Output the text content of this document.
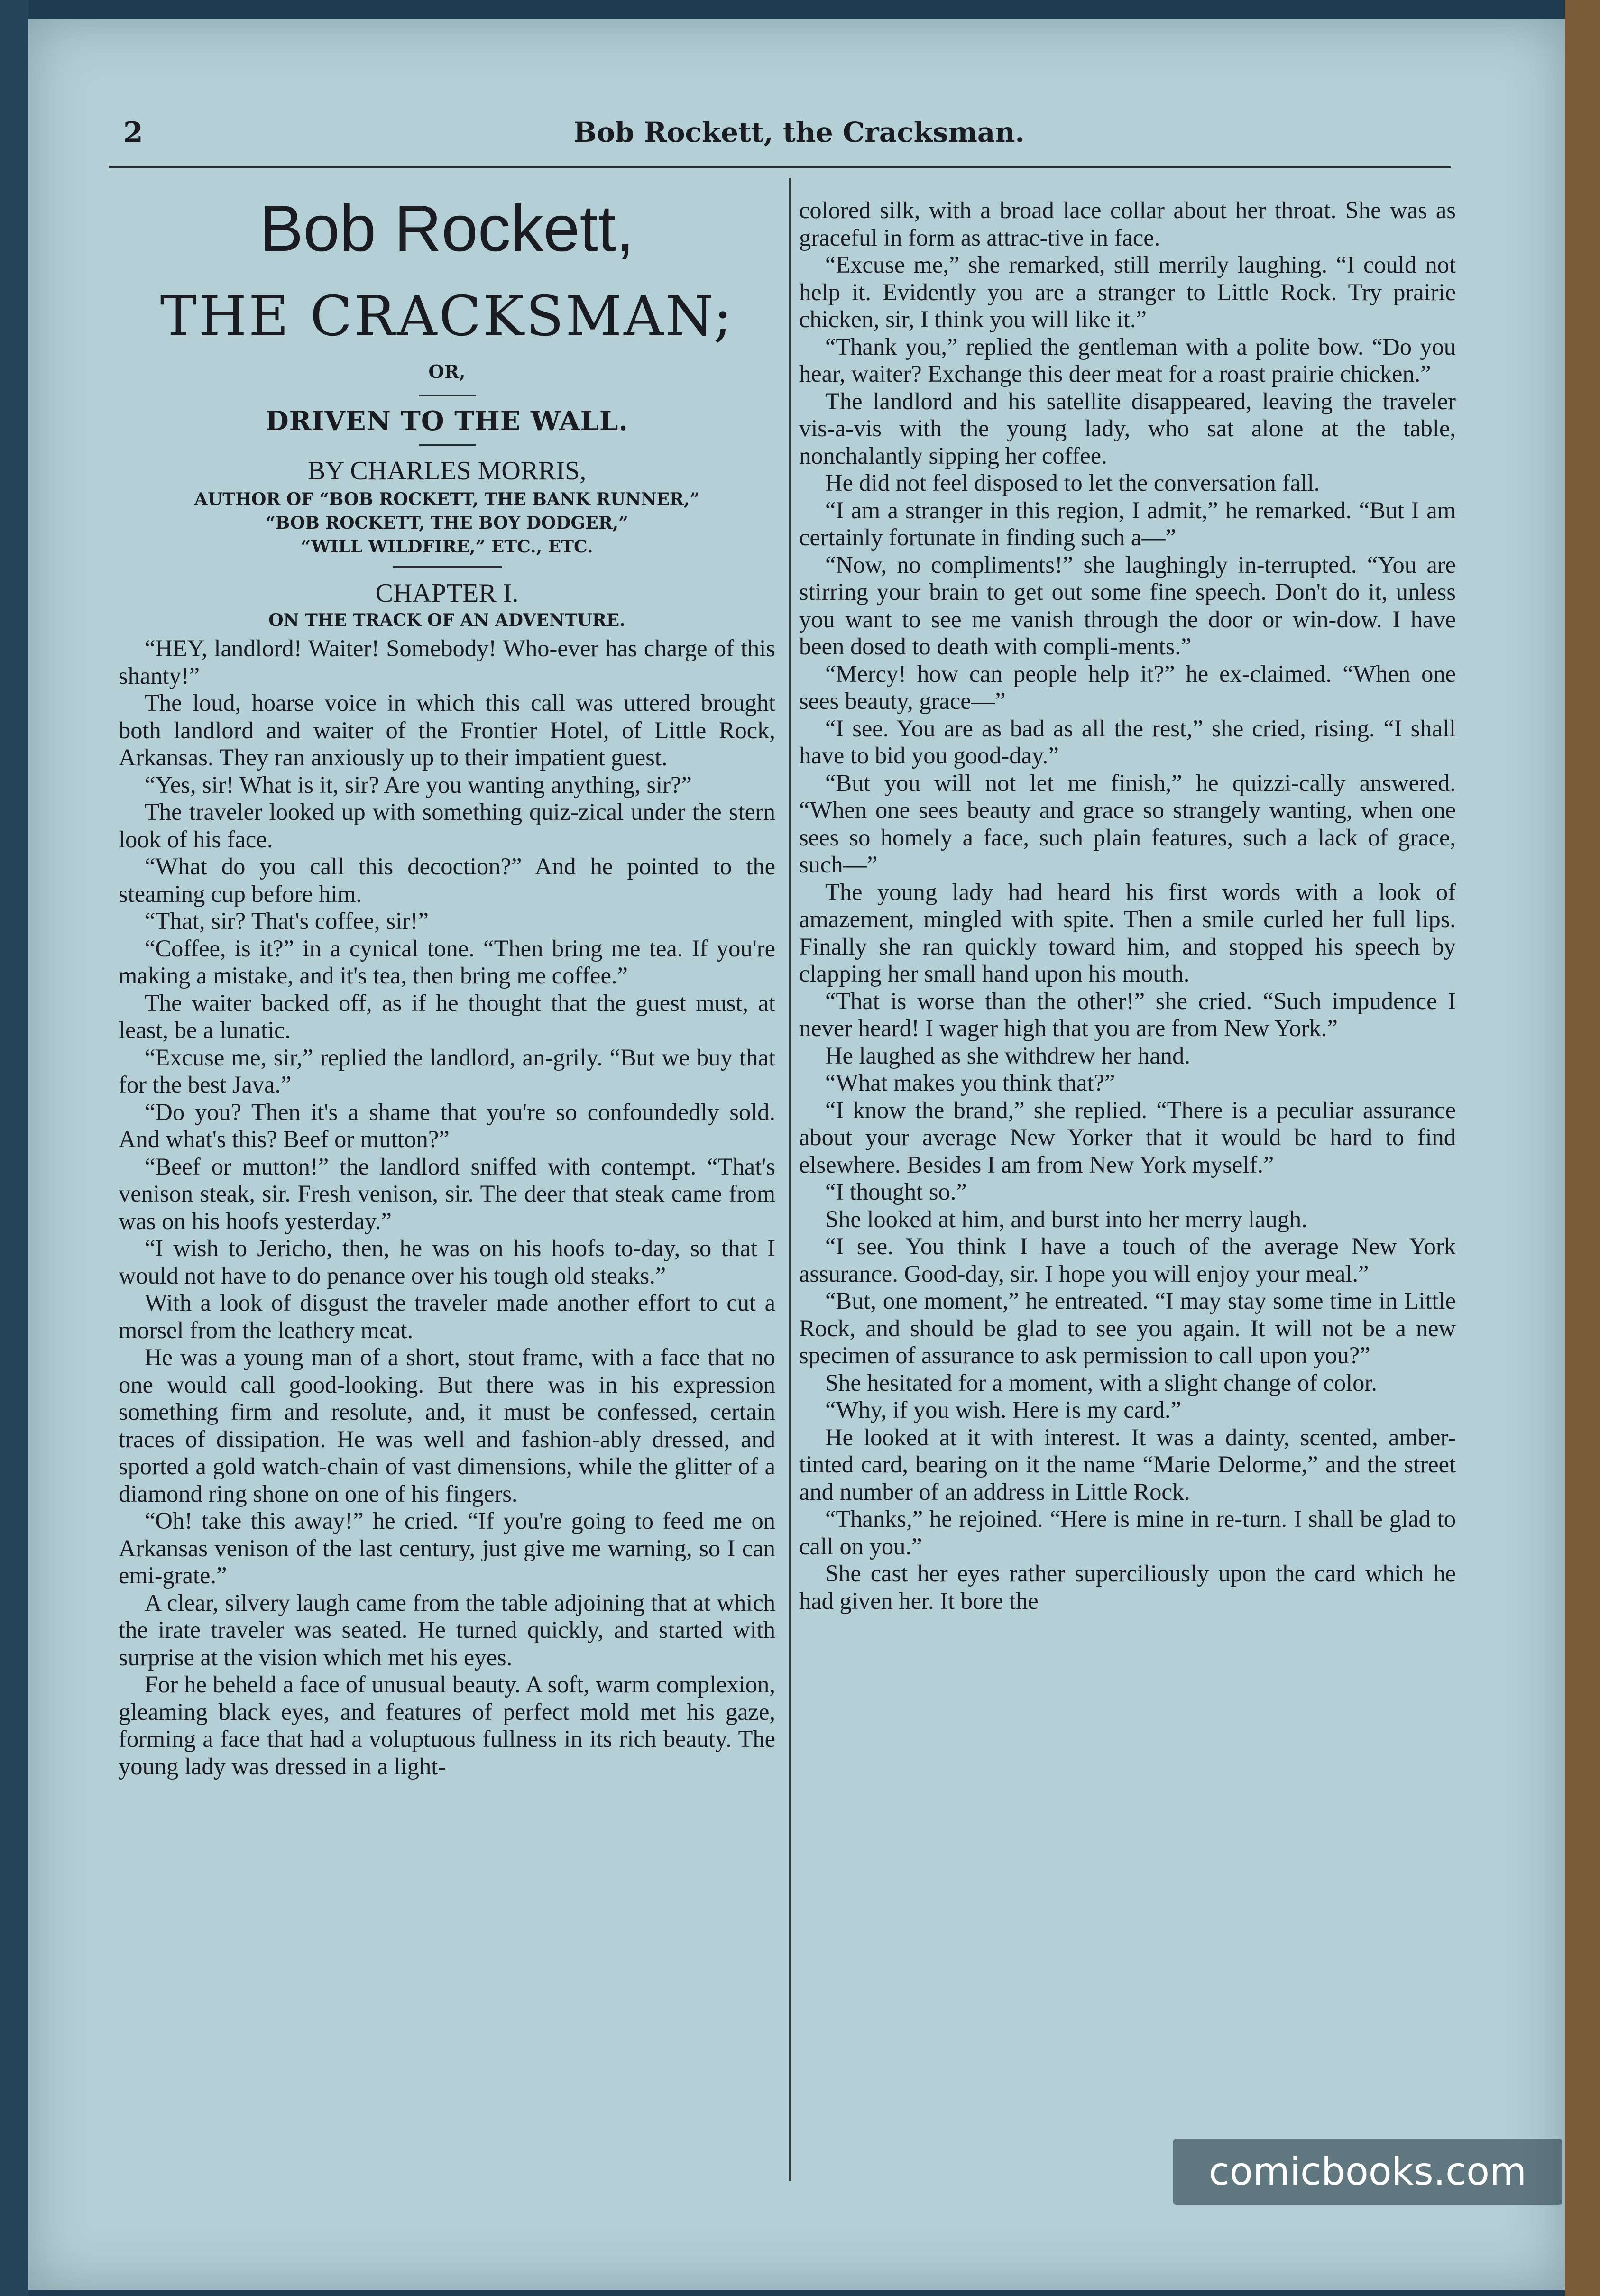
2	Bob Rockett, the Cracksman.
Bob Rockett,
THE CRACKSMAN;
OR,
DRIVEN TO THE WALL.
BY CHARLES MORRIS,
AUTHOR OF “BOB ROCKETT, THE BANK RUNNER,”
“BOB ROCKETT, THE BOY DODGER,”
“WILL WILDFIRE,” ETC., ETC.
CHAPTER I.
ON THE TRACK OF AN ADVENTURE.

“HEY, landlord! Waiter! Somebody! Who-ever has charge of this shanty!”

The loud, hoarse voice in which this call was uttered brought both landlord and waiter of the Frontier Hotel, of Little Rock, Arkansas. They ran anxiously up to their impatient guest.

“Yes, sir! What is it, sir? Are you wanting anything, sir?”

The traveler looked up with something quiz-zical under the stern look of his face.

“What do you call this decoction?” And he pointed to the steaming cup before him.

“That, sir? That's coffee, sir!”

“Coffee, is it?” in a cynical tone. “Then bring me tea. If you're making a mistake, and it's tea, then bring me coffee.”

The waiter backed off, as if he thought that the guest must, at least, be a lunatic.

“Excuse me, sir,” replied the landlord, an-grily. “But we buy that for the best Java.”

“Do you? Then it's a shame that you're so confoundedly sold. And what's this? Beef or mutton?”

“Beef or mutton!” the landlord sniffed with contempt. “That's venison steak, sir. Fresh venison, sir. The deer that steak came from was on his hoofs yesterday.”

“I wish to Jericho, then, he was on his hoofs to-day, so that I would not have to do penance over his tough old steaks.”

With a look of disgust the traveler made another effort to cut a morsel from the leathery meat.

He was a young man of a short, stout frame, with a face that no one would call good-looking. But there was in his expression something firm and resolute, and, it must be confessed, certain traces of dissipation. He was well and fashion-ably dressed, and sported a gold watch-chain of vast dimensions, while the glitter of a diamond ring shone on one of his fingers.

“Oh! take this away!” he cried. “If you're going to feed me on Arkansas venison of the last century, just give me warning, so I can emi-grate.”

A clear, silvery laugh came from the table adjoining that at which the irate traveler was seated. He turned quickly, and started with surprise at the vision which met his eyes.

For he beheld a face of unusual beauty. A soft, warm complexion, gleaming black eyes, and features of perfect mold met his gaze, forming a face that had a voluptuous fullness in its rich beauty. The young lady was dressed in a light-

colored silk, with a broad lace collar about her throat. She was as graceful in form as attrac-tive in face.

“Excuse me,” she remarked, still merrily laughing. “I could not help it. Evidently you are a stranger to Little Rock. Try prairie chicken, sir, I think you will like it.”

“Thank you,” replied the gentleman with a polite bow. “Do you hear, waiter? Exchange this deer meat for a roast prairie chicken.”

The landlord and his satellite disappeared, leaving the traveler vis-a-vis with the young lady, who sat alone at the table, nonchalantly sipping her coffee.

He did not feel disposed to let the conversation fall.

“I am a stranger in this region, I admit,” he remarked. “But I am certainly fortunate in finding such a—”

“Now, no compliments!” she laughingly in-terrupted. “You are stirring your brain to get out some fine speech. Don't do it, unless you want to see me vanish through the door or win-dow. I have been dosed to death with compli-ments.”

“Mercy! how can people help it?” he ex-claimed. “When one sees beauty, grace—”

“I see. You are as bad as all the rest,” she cried, rising. “I shall have to bid you good-day.”

“But you will not let me finish,” he quizzi-cally answered. “When one sees beauty and grace so strangely wanting, when one sees so homely a face, such plain features, such a lack of grace, such—”

The young lady had heard his first words with a look of amazement, mingled with spite. Then a smile curled her full lips. Finally she ran quickly toward him, and stopped his speech by clapping her small hand upon his mouth.

“That is worse than the other!” she cried. “Such impudence I never heard! I wager high that you are from New York.”

He laughed as she withdrew her hand.

“What makes you think that?”

“I know the brand,” she replied. “There is a peculiar assurance about your average New Yorker that it would be hard to find elsewhere. Besides I am from New York myself.”

“I thought so.”

She looked at him, and burst into her merry laugh.

“I see. You think I have a touch of the average New York assurance. Good-day, sir. I hope you will enjoy your meal.”

“But, one moment,” he entreated. “I may stay some time in Little Rock, and should be glad to see you again. It will not be a new specimen of assurance to ask permission to call upon you?”

She hesitated for a moment, with a slight change of color.

“Why, if you wish. Here is my card.”

He looked at it with interest. It was a dainty, scented, amber-tinted card, bearing on it the name “Marie Delorme,” and the street and number of an address in Little Rock.

“Thanks,” he rejoined. “Here is mine in re-turn. I shall be glad to call on you.”

She cast her eyes rather superciliously upon the card which he had given her. It bore the

comicbooks.com
